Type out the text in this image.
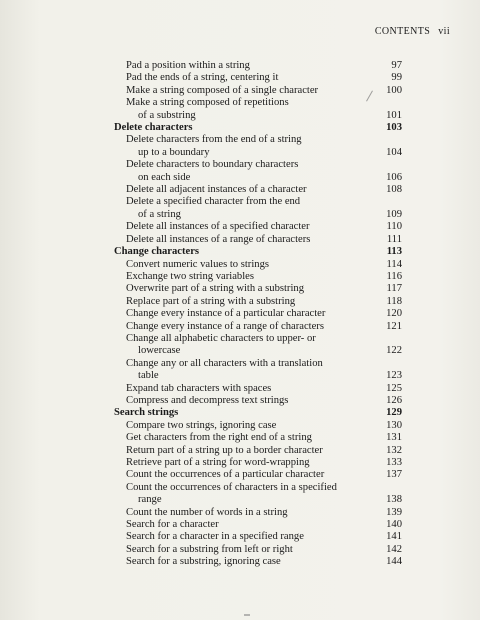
CONTENTS vii
Pad a position within a string	97
Pad the ends of a string, centering it	99
Make a string composed of a single character	100
Make a string composed of repetitions
of a substring	101
Delete characters	103
Delete characters from the end of a string
up to a boundary	104
Delete characters to boundary characters
on each side	106
Delete all adjacent instances of a character	108
Delete a specified character from the end
of a string	109
Delete all instances of a specified character	110
Delete all instances of a range of characters	111
Change characters	113
Convert numeric values to strings	114
Exchange two string variables	116
Overwrite part of a string with a substring	117
Replace part of a string with a substring	118
Change every instance of a particular character	120
Change every instance of a range of characters	121
Change all alphabetic characters to upper- or
lowercase	122
Change any or all characters with a translation
table	123
Expand tab characters with spaces	125
Compress and decompress text strings	126
Search strings	129
Compare two strings, ignoring case	130
Get characters from the right end of a string	131
Return part of a string up to a border character	132
Retrieve part of a string for word-wrapping	133
Count the occurrences of a particular character	137
Count the occurrences of characters in a specified
range	138
Count the number of words in a string	139
Search for a character	140
Search for a character in a specified range	141
Search for a substring from left or right	142
Search for a substring, ignoring case	144
